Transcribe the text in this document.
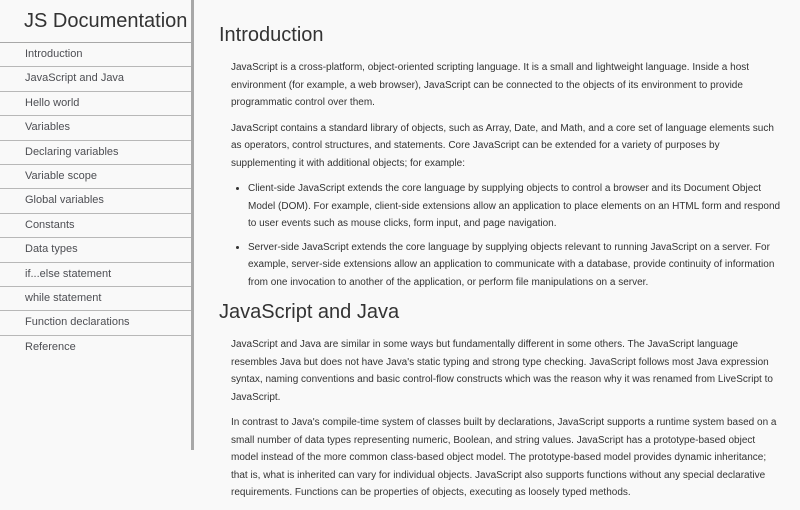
JS Documentation
Introduction
JavaScript and Java
Hello world
Variables
Declaring variables
Variable scope
Global variables
Constants
Data types
if...else statement
while statement
Function declarations
Reference
Introduction

JavaScript is a cross-platform, object-oriented scripting language. It is a small and lightweight language. Inside a host environment (for example, a web browser), JavaScript can be connected to the objects of its environment to provide programmatic control over them.

JavaScript contains a standard library of objects, such as Array, Date, and Math, and a core set of language elements such as operators, control structures, and statements. Core JavaScript can be extended for a variety of purposes by supplementing it with additional objects; for example:

• Client-side JavaScript extends the core language by supplying objects to control a browser and its Document Object Model (DOM). For example, client-side extensions allow an application to place elements on an HTML form and respond to user events such as mouse clicks, form input, and page navigation.
• Server-side JavaScript extends the core language by supplying objects relevant to running JavaScript on a server. For example, server-side extensions allow an application to communicate with a database, provide continuity of information from one invocation to another of the application, or perform file manipulations on a server.
JavaScript and Java

JavaScript and Java are similar in some ways but fundamentally different in some others. The JavaScript language resembles Java but does not have Java's static typing and strong type checking. JavaScript follows most Java expression syntax, naming conventions and basic control-flow constructs which was the reason why it was renamed from LiveScript to JavaScript.

In contrast to Java's compile-time system of classes built by declarations, JavaScript supports a runtime system based on a small number of data types representing numeric, Boolean, and string values. JavaScript has a prototype-based object model instead of the more common class-based object model. The prototype-based model provides dynamic inheritance; that is, what is inherited can vary for individual objects. JavaScript also supports functions without any special declarative requirements. Functions can be properties of objects, executing as loosely typed methods.
